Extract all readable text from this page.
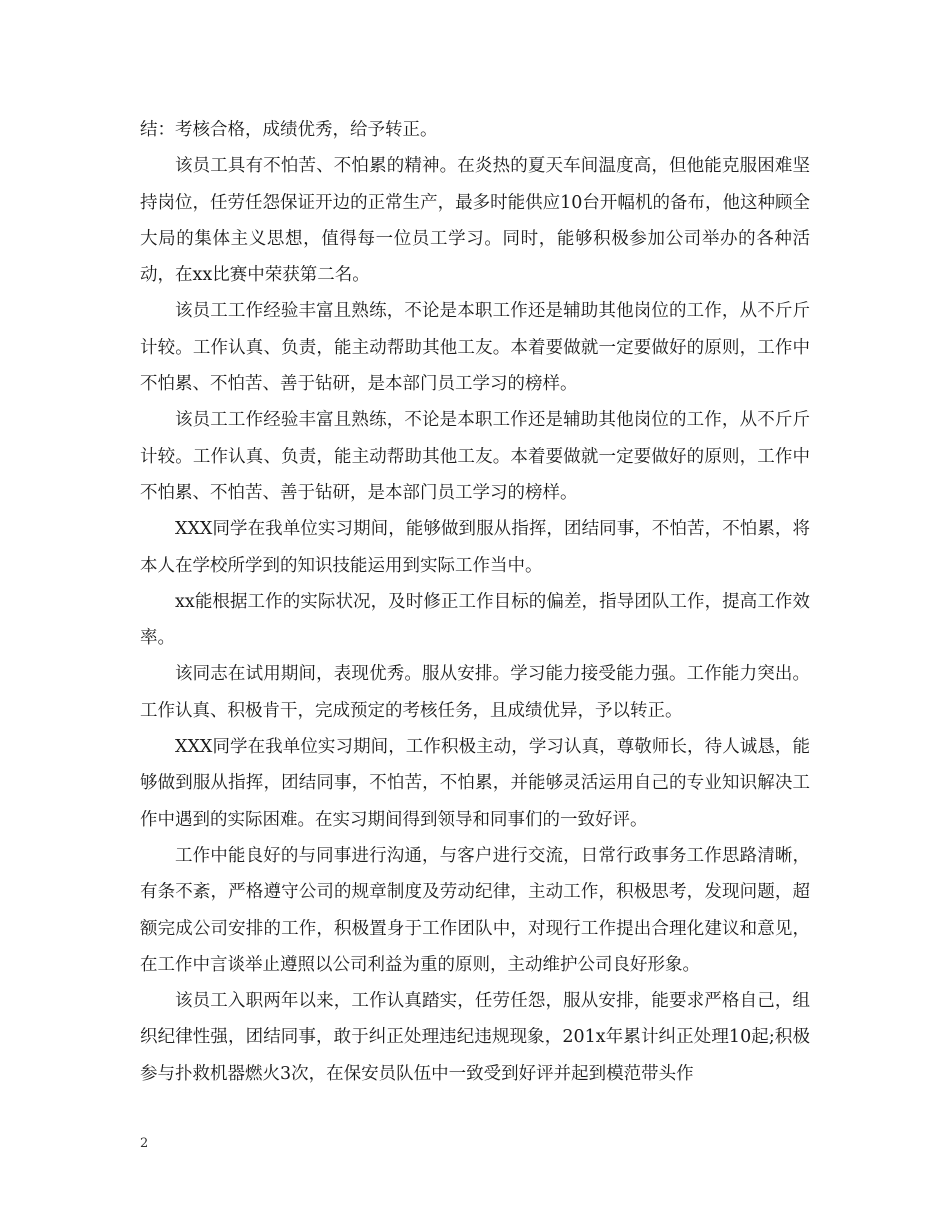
结：考核合格，成绩优秀，给予转正。

该员工具有不怕苦、不怕累的精神。在炎热的夏天车间温度高，但他能克服困难坚持岗位，任劳任怨保证开边的正常生产，最多时能供应10台开幅机的备布，他这种顾全大局的集体主义思想，值得每一位员工学习。同时，能够积极参加公司举办的各种活动，在xx比赛中荣获第二名。

该员工工作经验丰富且熟练，不论是本职工作还是辅助其他岗位的工作，从不斤斤计较。工作认真、负责，能主动帮助其他工友。本着要做就一定要做好的原则，工作中不怕累、不怕苦、善于钻研，是本部门员工学习的榜样。

该员工工作经验丰富且熟练，不论是本职工作还是辅助其他岗位的工作，从不斤斤计较。工作认真、负责，能主动帮助其他工友。本着要做就一定要做好的原则，工作中不怕累、不怕苦、善于钻研，是本部门员工学习的榜样。

XXX同学在我单位实习期间，能够做到服从指挥，团结同事，不怕苦，不怕累，将本人在学校所学到的知识技能运用到实际工作当中。

xx能根据工作的实际状况，及时修正工作目标的偏差，指导团队工作，提高工作效率。

该同志在试用期间，表现优秀。服从安排。学习能力接受能力强。工作能力突出。工作认真、积极肯干，完成预定的考核任务，且成绩优异，予以转正。

XXX同学在我单位实习期间，工作积极主动，学习认真，尊敬师长，待人诚恳，能够做到服从指挥，团结同事，不怕苦，不怕累，并能够灵活运用自己的专业知识解决工作中遇到的实际困难。在实习期间得到领导和同事们的一致好评。

工作中能良好的与同事进行沟通，与客户进行交流，日常行政事务工作思路清晰，有条不紊，严格遵守公司的规章制度及劳动纪律，主动工作，积极思考，发现问题，超额完成公司安排的工作，积极置身于工作团队中，对现行工作提出合理化建议和意见，在工作中言谈举止遵照以公司利益为重的原则，主动维护公司良好形象。

该员工入职两年以来，工作认真踏实，任劳任怨，服从安排，能要求严格自己，组织纪律性强，团结同事，敢于纠正处理违纪违规现象，201x年累计纠正处理10起;积极参与扑救机器燃火3次，在保安员队伍中一致受到好评并起到模范带头作

2
